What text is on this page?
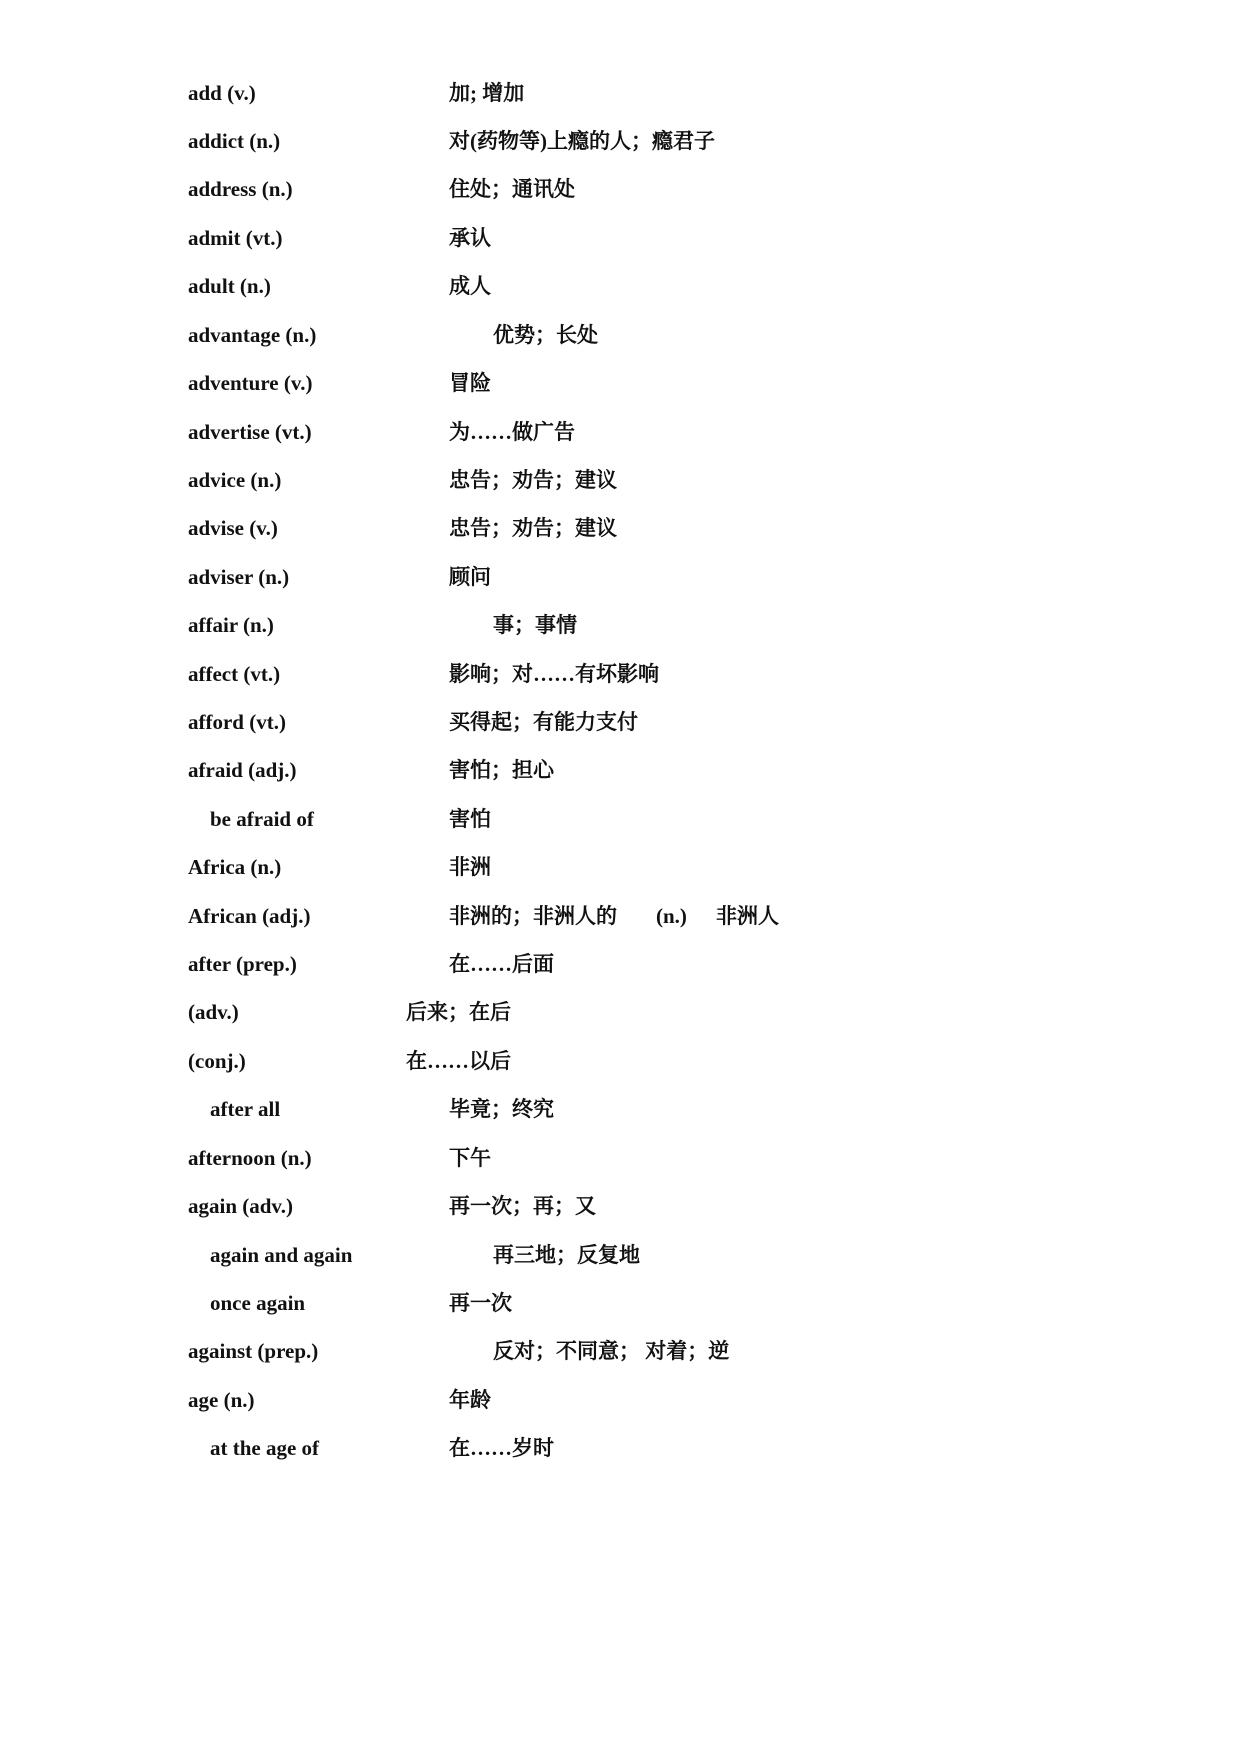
add (v.)	加; 增加
addict (n.)	对(药物等)上瘾的人；瘾君子
address (n.)	住处；通讯处
admit (vt.)	承认
adult (n.)	成人
advantage (n.)	优势；长处
adventure (v.)	冒险
advertise (vt.)	为……做广告
advice (n.)	忠告；劝告；建议
advise (v.)	忠告；劝告；建议
adviser (n.)	顾问
affair (n.)	事；事情
affect (vt.)	影响；对……有坏影响
afford (vt.)	买得起；有能力支付
afraid (adj.)	害怕；担心
be afraid of	害怕
Africa (n.)	非洲
African (adj.)	非洲的；非洲人的 (n.) 非洲人
after (prep.)	在……后面
(adv.)	后来；在后
(conj.)	在……以后
after all	毕竟；终究
afternoon (n.)	下午
again (adv.)	再一次；再；又
again and again	再三地；反复地
once again	再一次
against (prep.)	反对；不同意； 对着；逆
age (n.)	年龄
at the age of	在……岁时
